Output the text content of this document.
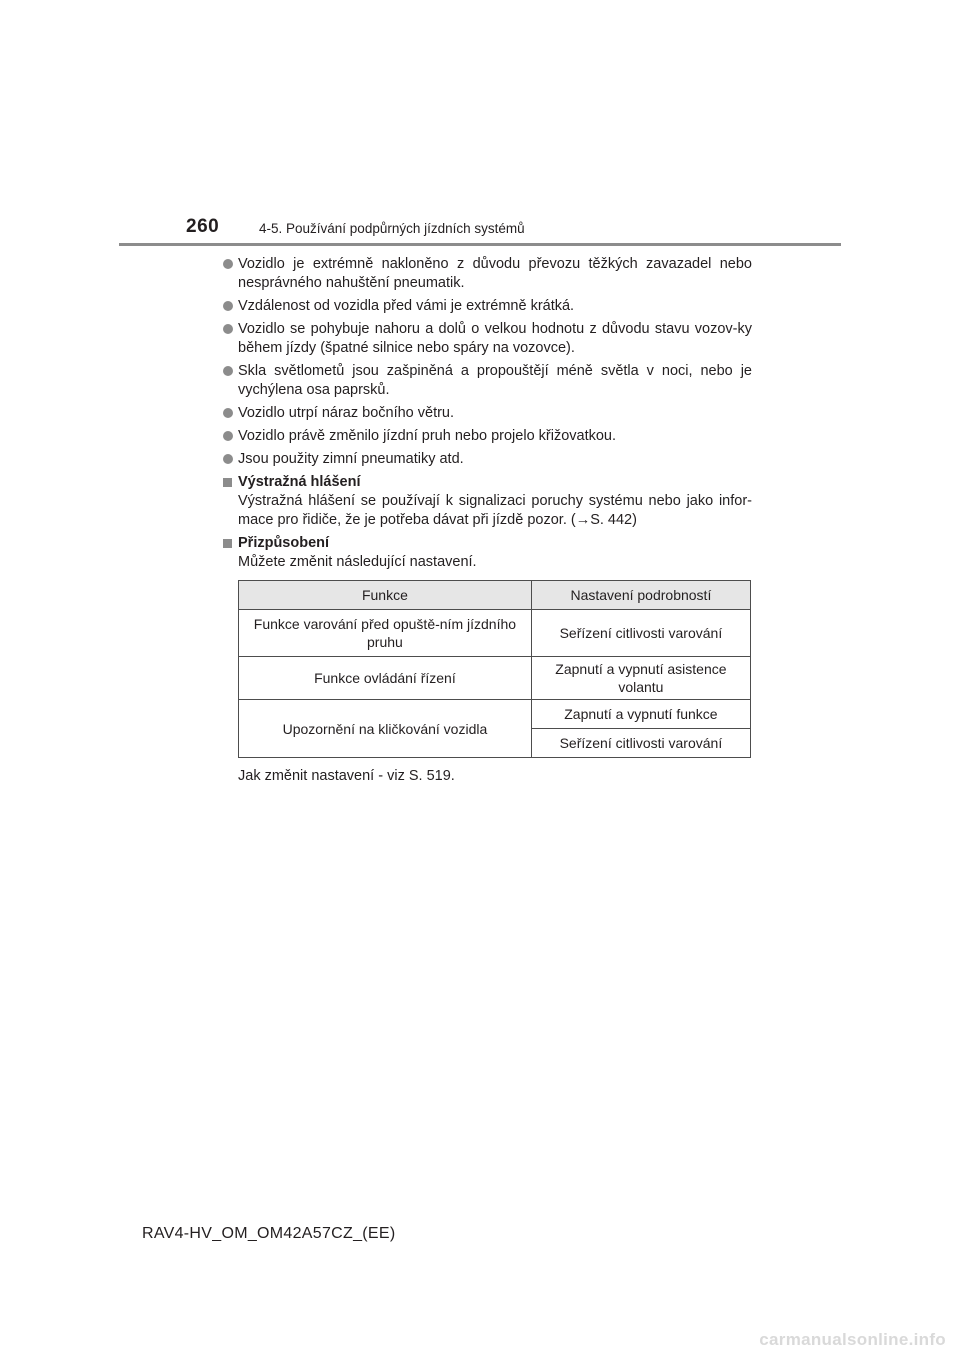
260	4-5. Používání podpůrných jízdních systémů
Vozidlo je extrémně nakloněno z důvodu převozu těžkých zavazadel nebo nesprávného nahuštění pneumatik.
Vzdálenost od vozidla před vámi je extrémně krátká.
Vozidlo se pohybuje nahoru a dolů o velkou hodnotu z důvodu stavu vozov-ky během jízdy (špatné silnice nebo spáry na vozovce).
Skla světlometů jsou zašpiněná a propouštějí méně světla v noci, nebo je vychýlena osa paprsků.
Vozidlo utrpí náraz bočního větru.
Vozidlo právě změnilo jízdní pruh nebo projelo křižovatkou.
Jsou použity zimní pneumatiky atd.
Výstražná hlášení
Výstražná hlášení se používají k signalizaci poruchy systému nebo jako infor-mace pro řidiče, že je potřeba dávat při jízdě pozor. (→S. 442)
Přizpůsobení
Můžete změnit následující nastavení.
Funkce	Nastavení podrobností
Funkce varování před opuště-ním jízdního pruhu	Seřízení citlivosti varování
Funkce ovládání řízení	Zapnutí a vypnutí asistence volantu
Upozornění na kličkování vozidla	Zapnutí a vypnutí funkce
	Seřízení citlivosti varování
Jak změnit nastavení - viz S. 519.
RAV4-HV_OM_OM42A57CZ_(EE)
carmanualsonline.info
